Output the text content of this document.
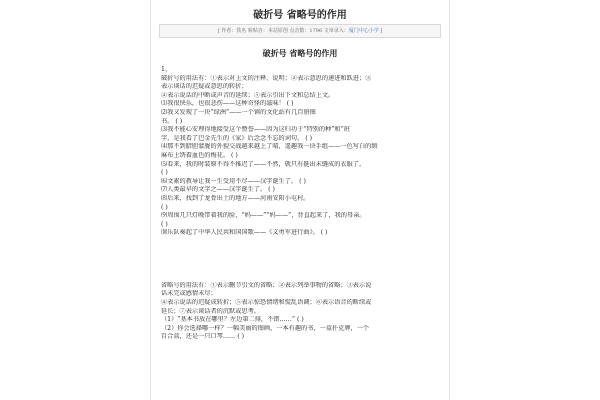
破折号 省略号的作用
[ 作者：佚名 转贴自：本站原创 点击数：1796 文章录入：厦门中心小学 ]
破折号 省略号的作用

1、

破折号的用法有：①表示对上文的注释、说明；②表示意思的递进和跃进；③

表示谈话的迟疑或意思的转折；

④表示说话的中断或声音的延续；⑤表示引出下文和总结上文。

⑴我很快乐，也很悲伤——这种奇怪的滋味！ ( )

⑵我又发现了一块“绿洲”——一个镇的文化站有几百册图

书。 ( )

⑶我不能心安理得地接受这个赞誉——因为这归功于“特别的种”和“班

字，是我看了巴金先生的《家》后念念不忘的词句。 ( )

⑷那不到腊胆蒙胧的外貌交战越来越上了晴，遥趣我一块手组——一色写白的缎

麻布上绣着血色的梅花。 ( )

⑸看来，我的时装原不得不推迟了——不然，就只有挺出未缝成的衣服了。

( )

⑹文素的教导让我一生受用不尽——汉字诞生了。 ( )

⑺人类最早的文字之——汉字诞生了。 ( )

⑻后来，找到了龙骨出土的地方——河南安阳小屯村。

( )

⑼周围几只灯晚带着我的脸，“妈——”“妈——”，背直起来了，我的母亲。

( )

⑽乐队奏起了中华人民共和国国歌——《义勇军进行曲》。 ( )

省略号的用法有：①表示删节引文的省略；②表示列举事物的省略；③表示说

话未完或感情未尽；

④表示说话的迟疑成转折；⑤表示惊恐情绪和慌乱语调；⑥表示语音的断续或

延长；⑦表示谈话者的沉默或思考。

（1）“基本书放在哪里？左边第二排，不错……” ( )

（2）你会选择哪一样？一幅美丽的图画，一本有趣的书，一盒扑克牌，一个

百合盒，还是一只口琴…… ( )
